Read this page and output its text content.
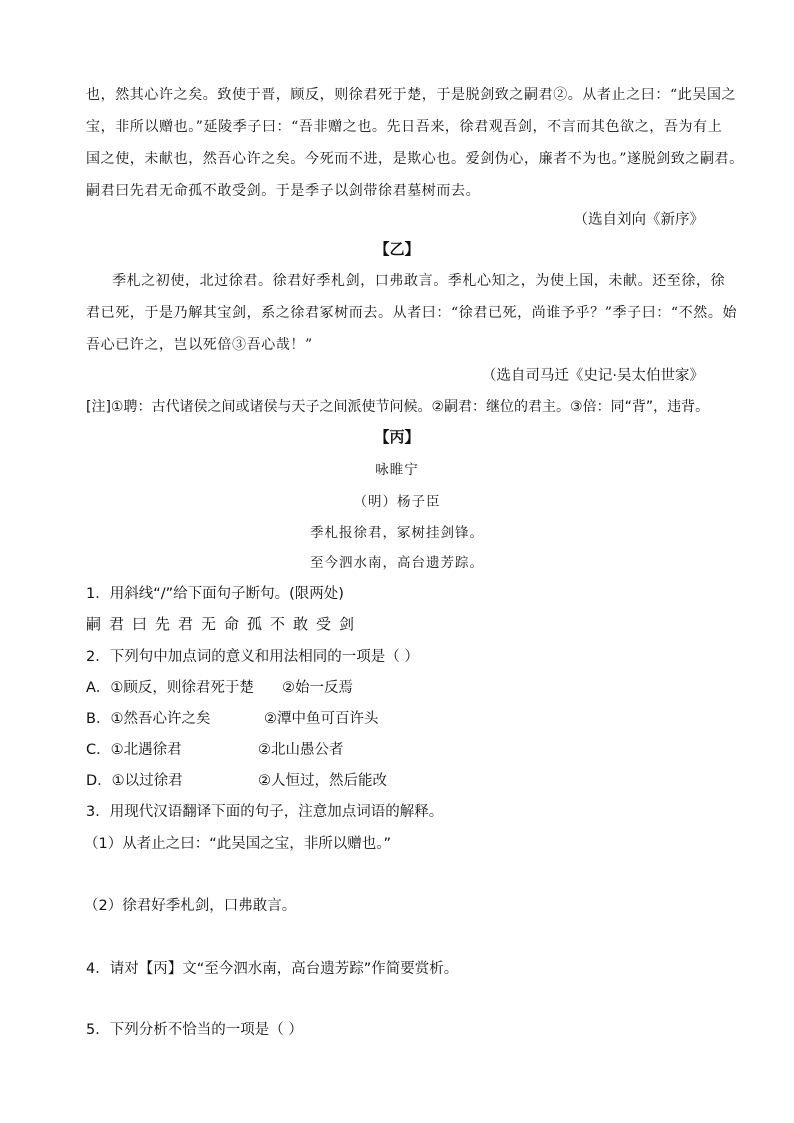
也，然其心许之矣。致使于晋，顾反，则徐君死于楚，于是脱剑致之嗣君②。从者止之曰：“此吴国之
宝，非所以赠也。”延陵季子曰：“吾非赠之也。先日吾来，徐君观吾剑，不言而其色欲之，吾为有上
国之使，未献也，然吾心许之矣。今死而不进，是欺心也。爱剑伪心，廉者不为也。”遂脱剑致之嗣君。
嗣君曰先君无命孤不敢受剑。于是季子以剑带徐君墓树而去。
（选自刘向《新序》
【乙】
季札之初使，北过徐君。徐君好季札剑，口弗敢言。季札心知之，为使上国，未献。还至徐，徐
君已死，于是乃解其宝剑，系之徐君冢树而去。从者曰：“徐君已死，尚谁予乎？”季子曰：“不然。始
吾心已许之，岂以死倍③吾心哉！”
（选自司马迁《史记·吴太伯世家》
[注]①聘：古代诸侯之间或诸侯与天子之间派使节问候。②嗣君：继位的君主。③倍：同“背”，违背。
【丙】
咏睢宁
（明）杨子臣
季札报徐君，冢树挂剑锋。
至今泗水南，高台遗芳踪。
1．用斜线“/”给下面句子断句。(限两处)
嗣君曰先君无命孤不敢受剑
2．下列句中加点词的意义和用法相同的一项是（ ）
A．①顾反，则徐君死于楚 ②始一反焉
B．①然吾心许之矣	②潭中鱼可百许头
C．①北遇徐君	②北山愚公者
D．①以过徐君	②人恒过，然后能改
3．用现代汉语翻译下面的句子，注意加点词语的解释。
（1）从者止之曰：“此吴国之宝，非所以赠也。”
（2）徐君好季札剑，口弗敢言。
4．请对【丙】文“至今泗水南，高台遗芳踪”作简要赏析。
5．下列分析不恰当的一项是（ ）
